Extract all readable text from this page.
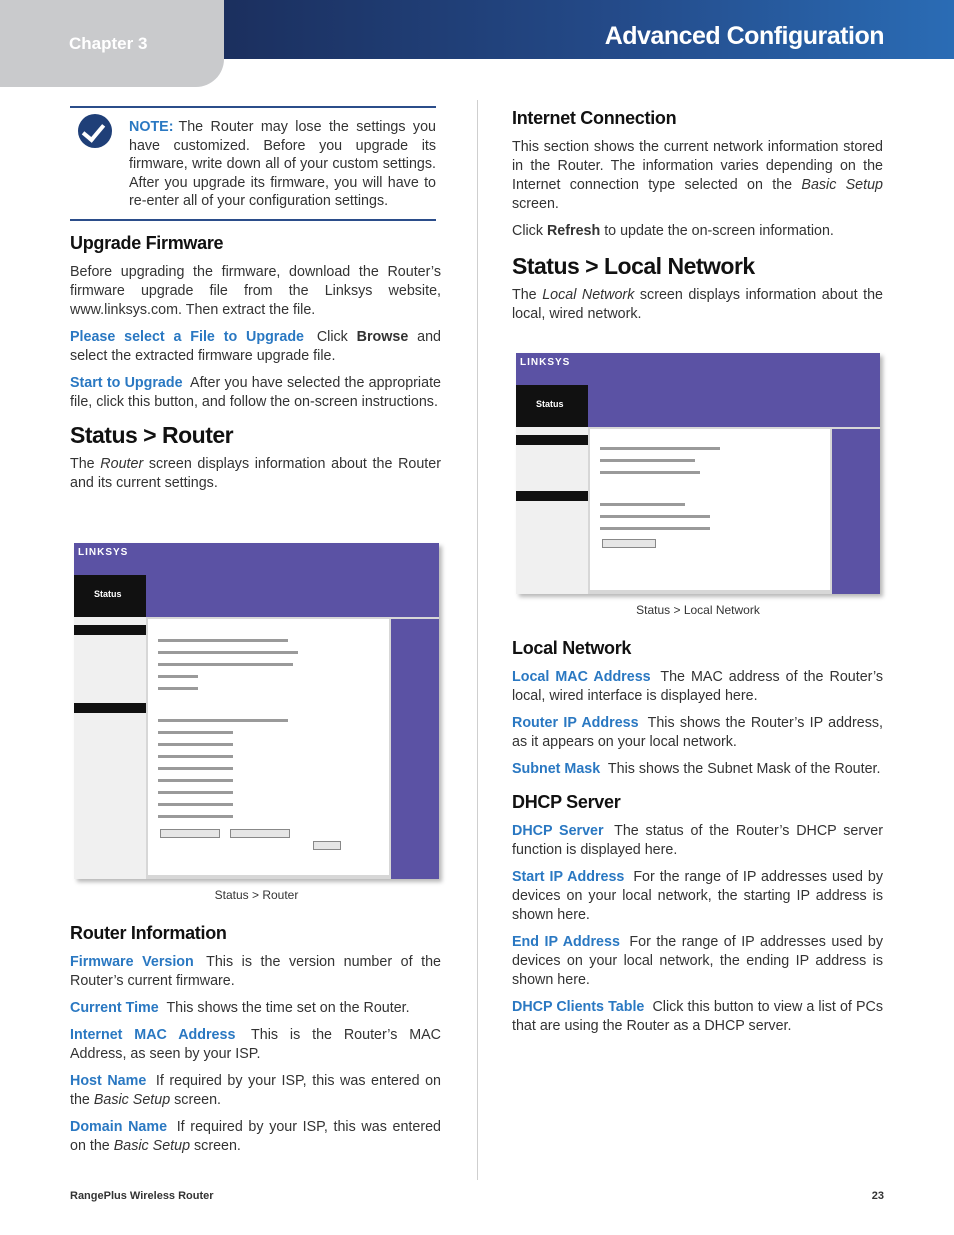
Chapter 3	Advanced Configuration
NOTE: The Router may lose the settings you have customized. Before you upgrade its firmware, write down all of your custom settings. After you upgrade its firmware, you will have to re-enter all of your configuration settings.
Upgrade Firmware

Before upgrading the firmware, download the Router’s firmware upgrade file from the Linksys website, www.linksys.com. Then extract the file.

Please select a File to Upgrade Click Browse and select the extracted firmware upgrade file.

Start to Upgrade After you have selected the appropriate file, click this button, and follow the on-screen instructions.

Status > Router

The Router screen displays information about the Router and its current settings.

LINKSYS
Status
Status > Router
Router Information

Firmware Version This is the version number of the Router’s current firmware.

Current Time This shows the time set on the Router.

Internet MAC Address This is the Router’s MAC Address, as seen by your ISP.

Host Name If required by your ISP, this was entered on the Basic Setup screen.

Domain Name If required by your ISP, this was entered on the Basic Setup screen.

Internet Connection

This section shows the current network information stored in the Router. The information varies depending on the Internet connection type selected on the Basic Setup screen.

Click Refresh to update the on-screen information.

Status > Local Network

The Local Network screen displays information about the local, wired network.

LINKSYS
Status
Status > Local Network
Local Network

Local MAC Address The MAC address of the Router’s local, wired interface is displayed here.

Router IP Address This shows the Router’s IP address, as it appears on your local network.

Subnet Mask This shows the Subnet Mask of the Router.

DHCP Server

DHCP Server The status of the Router’s DHCP server function is displayed here.

Start IP Address For the range of IP addresses used by devices on your local network, the starting IP address is shown here.

End IP Address For the range of IP addresses used by devices on your local network, the ending IP address is shown here.

DHCP Clients Table Click this button to view a list of PCs that are using the Router as a DHCP server.

RangePlus Wireless Router	23
